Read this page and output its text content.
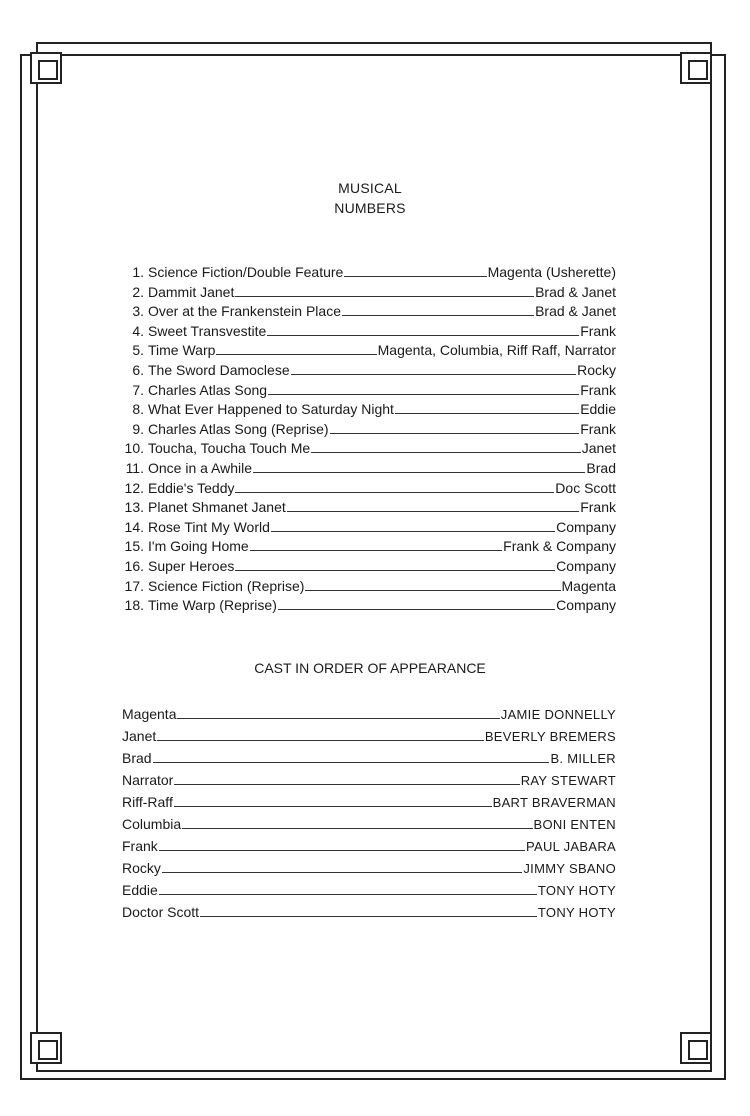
MUSICAL
NUMBERS
1. Science Fiction/Double Feature	Magenta (Usherette)
2. Dammit Janet	Brad & Janet
3. Over at the Frankenstein Place	Brad & Janet
4. Sweet Transvestite	Frank
5. Time Warp	Magenta, Columbia, Riff Raff, Narrator
6. The Sword Damoclese	Rocky
7. Charles Atlas Song	Frank
8. What Ever Happened to Saturday Night	Eddie
9. Charles Atlas Song (Reprise)	Frank
10. Toucha, Toucha Touch Me	Janet
11. Once in a Awhile	Brad
12. Eddie's Teddy	Doc Scott
13. Planet Shmanet Janet	Frank
14. Rose Tint My World	Company
15. I'm Going Home	Frank & Company
16. Super Heroes	Company
17. Science Fiction (Reprise)	Magenta
18. Time Warp (Reprise)	Company
CAST IN ORDER OF APPEARANCE
Magenta	JAMIE DONNELLY
Janet	BEVERLY BREMERS
Brad	B. MILLER
Narrator	RAY STEWART
Riff-Raff	BART BRAVERMAN
Columbia	BONI ENTEN
Frank	PAUL JABARA
Rocky	JIMMY SBANO
Eddie	TONY HOTY
Doctor Scott	TONY HOTY
